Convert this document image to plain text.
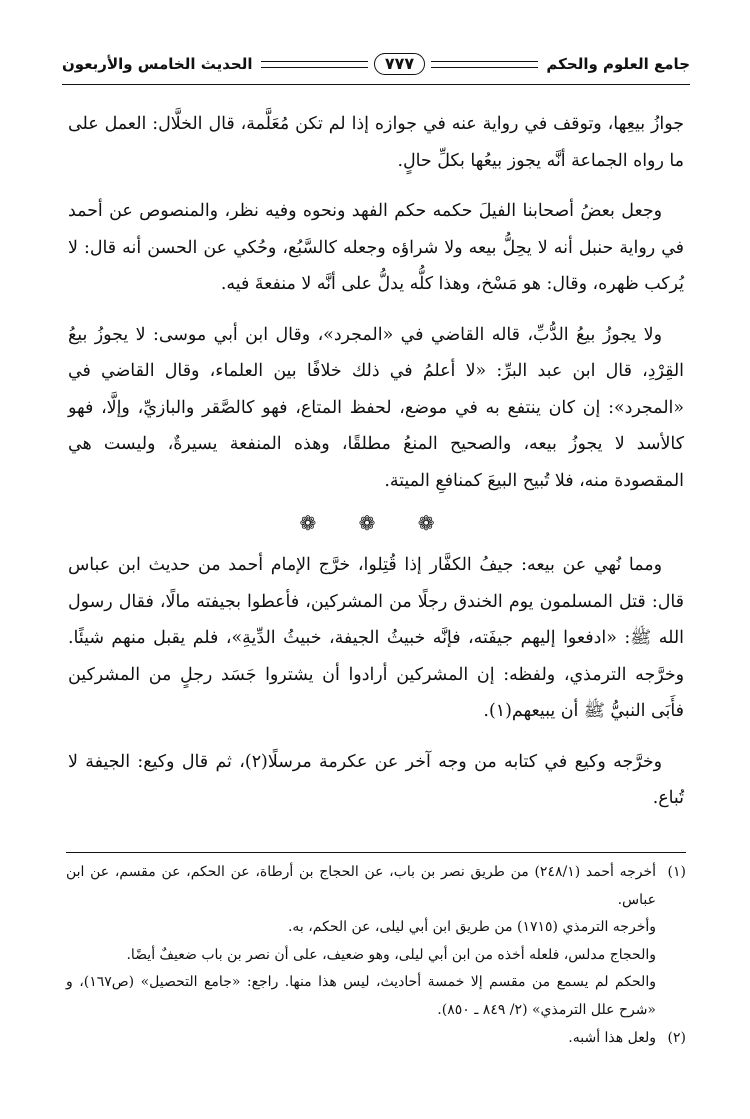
جامع العلوم والحكم
٧٧٧
الحديث الخامس والأربعون

جوازُ بيعِها، وتوقف في رواية عنه في جوازه إذا لم تكن مُعَلَّمة، قال الخلَّال: العمل على ما رواه الجماعة أنَّه يجوز بيعُها بكلِّ حالٍ.

وجعل بعضُ أصحابنا الفيلَ حكمه حكم الفهد ونحوه وفيه نظر، والمنصوص عن أحمد في رواية حنبل أنه لا يحِلُّ بيعه ولا شراؤه وجعله كالسَّبُع، وحُكي عن الحسن أنه قال: لا يُركب ظهره، وقال: هو مَسْخ، وهذا كلُّه يدلُّ على أنَّه لا منفعةَ فيه.

ولا يجوزُ بيعُ الدُّبِّ، قاله القاضي في «المجرد»، وقال ابن أبي موسى: لا يجوزُ بيعُ القِرْدِ، قال ابن عبد البرِّ: «لا أعلمُ في ذلك خلافًا بين العلماء، وقال القاضي في «المجرد»: إن كان ينتفع به في موضع، لحفظ المتاع، فهو كالصَّقر والبازيِّ، وإلَّا، فهو كالأسد لا يجوزُ بيعه، والصحيح المنعُ مطلقًا، وهذه المنفعة يسيرةٌ، وليست هي المقصودة منه، فلا تُبيح البيعَ كمنافعِ الميتة.

❁ ❁ ❁

ومما نُهي عن بيعه: جيفُ الكفَّار إذا قُتِلوا، خرَّج الإمام أحمد من حديث ابن عباس قال: قتل المسلمون يوم الخندق رجلًا من المشركين، فأعطوا بجيفته مالًا، فقال رسول الله ﷺ: «ادفعوا إليهم جيفَته، فإنَّه خبيثُ الجيفة، خبيثُ الدِّيةِ»، فلم يقبل منهم شيئًا. وخرَّجه الترمذي، ولفظه: إن المشركين أرادوا أن يشتروا جَسَد رجلٍ من المشركين فأَبَى النبيُّ ﷺ أن يبيعهم(١).

وخرَّجه وكيع في كتابه من وجه آخر عن عكرمة مرسلًا(٢)، ثم قال وكيع: الجيفة لا تُباع.

(١)
أخرجه أحمد (٢٤٨/١) من طريق نصر بن باب، عن الحجاج بن أرطاة، عن الحكم، عن مقسم، عن ابن عباس.
وأخرجه الترمذي (١٧١٥) من طريق ابن أبي ليلى، عن الحكم، به.
والحجاج مدلس، فلعله أخذه من ابن أبي ليلى، وهو ضعيف، على أن نصر بن باب ضعيفٌ أيضًا.
والحكم لم يسمع من مقسم إلا خمسة أحاديث، ليس هذا منها. راجع: «جامع التحصيل» (ص١٦٧)، و «شرح علل الترمذي» (٢/ ٨٤٩ ـ ٨٥٠).
(٢)
ولعل هذا أشبه.
